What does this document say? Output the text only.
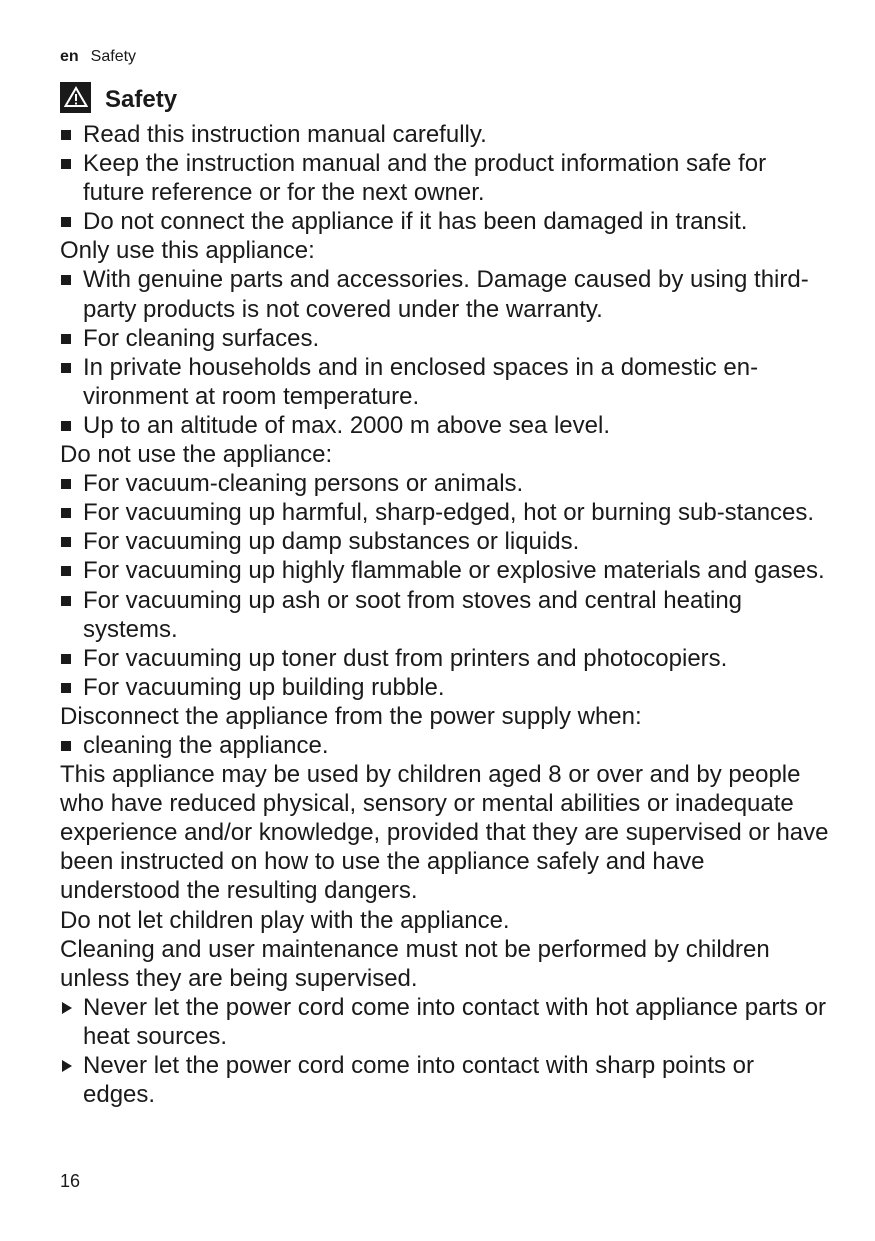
en Safety
Safety
Read this instruction manual carefully.
Keep the instruction manual and the product information safe for future reference or for the next owner.
Do not connect the appliance if it has been damaged in transit.

Only use this appliance:

With genuine parts and accessories. Damage caused by using third-party products is not covered under the warranty.
For cleaning surfaces.
In private households and in enclosed spaces in a domestic en-vironment at room temperature.
Up to an altitude of max. 2000 m above sea level.

Do not use the appliance:

For vacuum-cleaning persons or animals.
For vacuuming up harmful, sharp-edged, hot or burning sub-stances.
For vacuuming up damp substances or liquids.
For vacuuming up highly flammable or explosive materials and gases.
For vacuuming up ash or soot from stoves and central heating systems.
For vacuuming up toner dust from printers and photocopiers.
For vacuuming up building rubble.

Disconnect the appliance from the power supply when:

cleaning the appliance.

This appliance may be used by children aged 8 or over and by people who have reduced physical, sensory or mental abilities or inadequate experience and/or knowledge, provided that they are supervised or have been instructed on how to use the appliance safely and have understood the resulting dangers.

Do not let children play with the appliance.

Cleaning and user maintenance must not be performed by children unless they are being supervised.

Never let the power cord come into contact with hot appliance parts or heat sources.
Never let the power cord come into contact with sharp points or edges.
16
